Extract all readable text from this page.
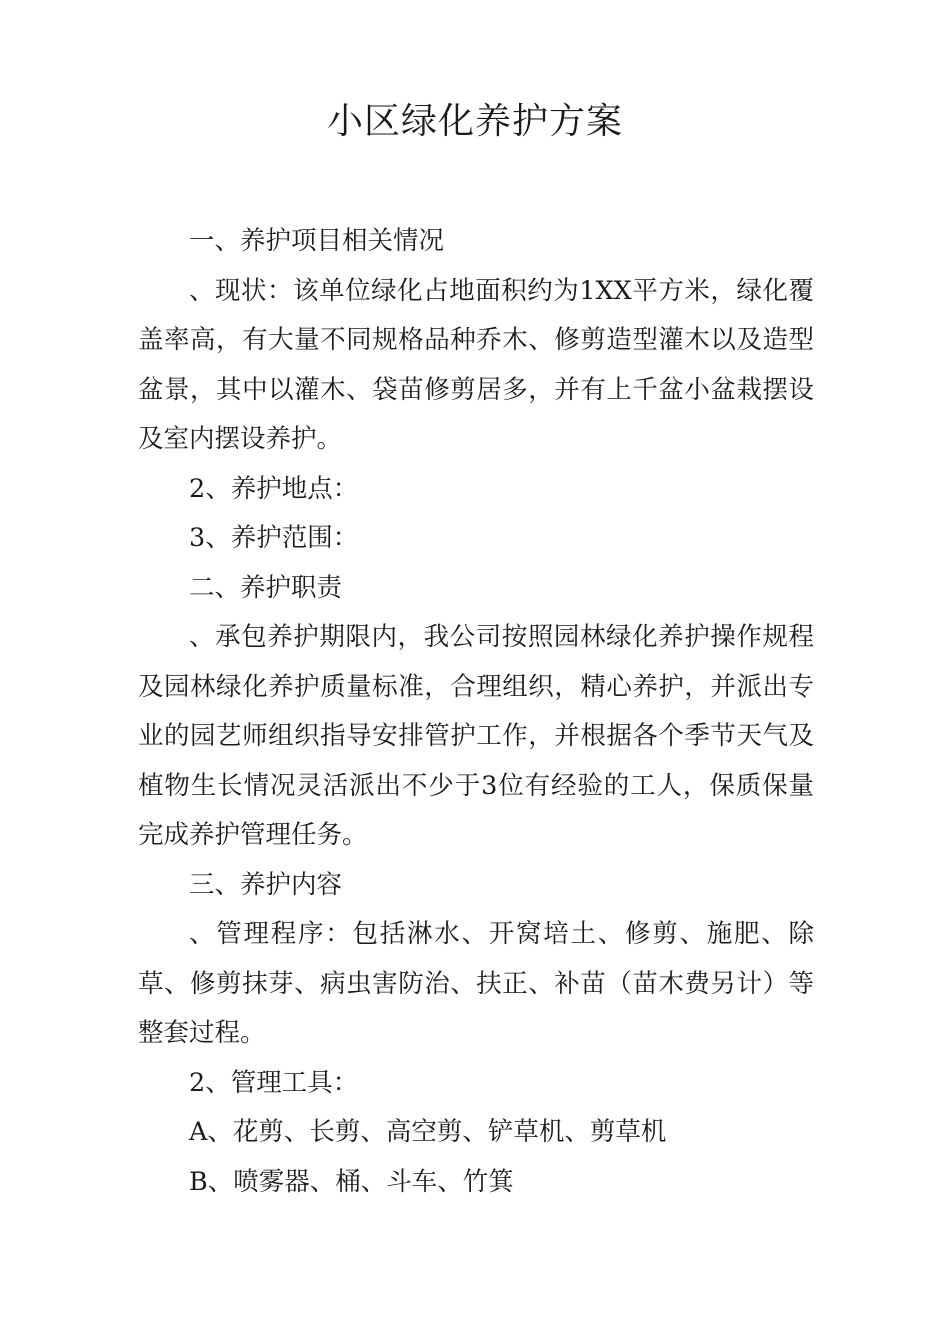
小区绿化养护方案

一、养护项目相关情况

、现状：该单位绿化占地面积约为1XX平方米，绿化覆盖率高，有大量不同规格品种乔木、修剪造型灌木以及造型盆景，其中以灌木、袋苗修剪居多，并有上千盆小盆栽摆设及室内摆设养护。

2、养护地点：

3、养护范围：

二、养护职责

、承包养护期限内，我公司按照园林绿化养护操作规程及园林绿化养护质量标准，合理组织，精心养护，并派出专业的园艺师组织指导安排管护工作，并根据各个季节天气及植物生长情况灵活派出不少于3位有经验的工人，保质保量完成养护管理任务。

三、养护内容

、管理程序：包括淋水、开窝培土、修剪、施肥、除草、修剪抹芽、病虫害防治、扶正、补苗（苗木费另计）等整套过程。

2、管理工具：

A、花剪、长剪、高空剪、铲草机、剪草机

B、喷雾器、桶、斗车、竹箕
